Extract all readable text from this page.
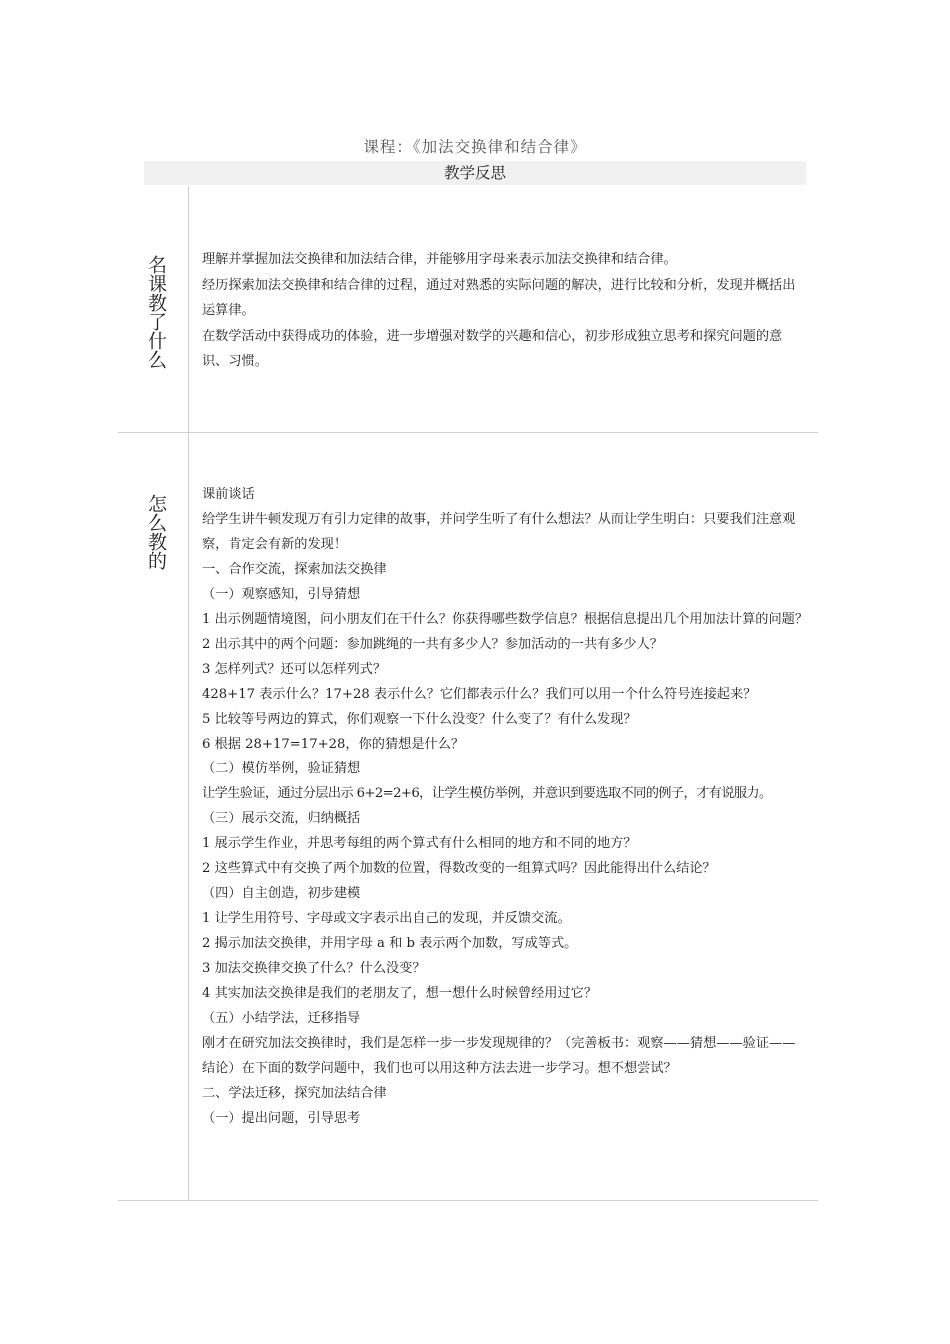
课程：《加法交换律和结合律》
教学反思
名课教了什么	理解并掌握加法交换律和加法结合律，并能够用字母来表示加法交换律和结合律。

经历探索加法交换律和结合律的过程，通过对熟悉的实际问题的解决，进行比较和分析，发现并概括出运算律。

在数学活动中获得成功的体验，进一步增强对数学的兴趣和信心，初步形成独立思考和探究问题的意识、习惯。

怎么教的	课前谈话

给学生讲牛顿发现万有引力定律的故事，并问学生听了有什么想法？从而让学生明白：只要我们注意观察，肯定会有新的发现！

一、合作交流，探索加法交换律

（一）观察感知，引导猜想

1 出示例题情境图，问小朋友们在干什么？你获得哪些数学信息？根据信息提出几个用加法计算的问题？

2 出示其中的两个问题：参加跳绳的一共有多少人？参加活动的一共有多少人？

3 怎样列式？还可以怎样列式？

428+17 表示什么？17+28 表示什么？它们都表示什么？我们可以用一个什么符号连接起来？

5 比较等号两边的算式，你们观察一下什么没变？什么变了？有什么发现？

6 根据 28+17=17+28，你的猜想是什么？

（二）模仿举例，验证猜想

让学生验证，通过分层出示 6+2=2+6，让学生模仿举例，并意识到要选取不同的例子，才有说服力。

（三）展示交流，归纳概括

1 展示学生作业，并思考每组的两个算式有什么相同的地方和不同的地方？

2 这些算式中有交换了两个加数的位置，得数改变的一组算式吗？因此能得出什么结论？

（四）自主创造，初步建模

1 让学生用符号、字母或文字表示出自己的发现，并反馈交流。

2 揭示加法交换律，并用字母 a 和 b 表示两个加数，写成等式。

3 加法交换律交换了什么？什么没变？

4 其实加法交换律是我们的老朋友了，想一想什么时候曾经用过它？

（五）小结学法，迁移指导

刚才在研究加法交换律时，我们是怎样一步一步发现规律的？（完善板书：观察——猜想——验证——结论）在下面的数学问题中，我们也可以用这种方法去进一步学习。想不想尝试？

二、学法迁移，探究加法结合律

（一）提出问题，引导思考
